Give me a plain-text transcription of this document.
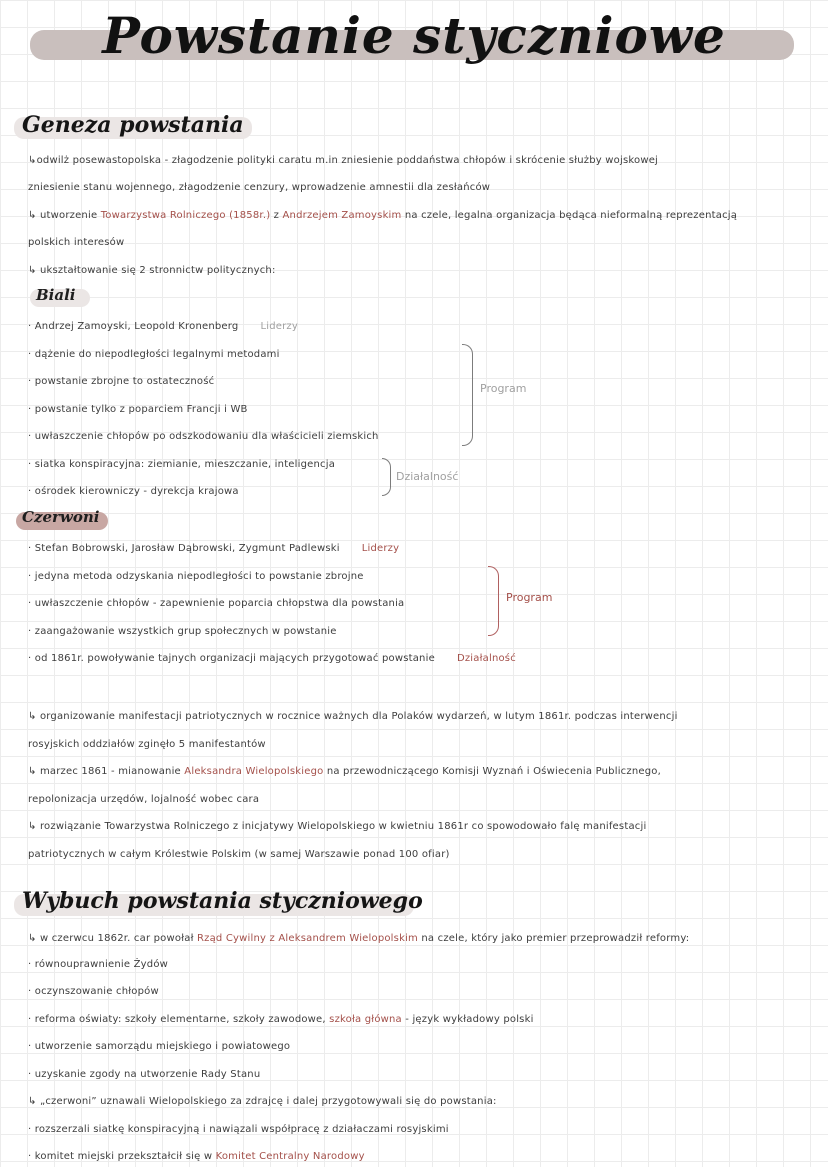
Powstanie styczniowe
Geneza powstania
↳odwilż posewastopolska - złagodzenie polityki caratu m.in zniesienie poddaństwa chłopów i skrócenie służby wojskowej
zniesienie stanu wojennego, złagodzenie cenzury, wprowadzenie amnestii dla zesłańców
↳ utworzenie Towarzystwa Rolniczego (1858r.) z Andrzejem Zamoyskim na czele, legalna organizacja będąca nieformalną reprezentacją
polskich interesów
↳ ukształtowanie się 2 stronnictw politycznych:
Biali
· Andrzej Zamoyski, Leopold Kronenberg Liderzy
· dążenie do niepodległości legalnymi metodami
· powstanie zbrojne to ostateczność
· powstanie tylko z poparciem Francji i WB
· uwłaszczenie chłopów po odszkodowaniu dla właścicieli ziemskich
Program
· siatka konspiracyjna: ziemianie, mieszczanie, inteligencja
· ośrodek kierowniczy - dyrekcja krajowa
Działalność
Czerwoni
· Stefan Bobrowski, Jarosław Dąbrowski, Zygmunt Padlewski Liderzy
· jedyna metoda odzyskania niepodległości to powstanie zbrojne
· uwłaszczenie chłopów - zapewnienie poparcia chłopstwa dla powstania
· zaangażowanie wszystkich grup społecznych w powstanie
Program
· od 1861r. powoływanie tajnych organizacji mających przygotować powstanie Działalność
↳ organizowanie manifestacji patriotycznych w rocznice ważnych dla Polaków wydarzeń, w lutym 1861r. podczas interwencji
rosyjskich oddziałów zginęło 5 manifestantów
↳ marzec 1861 - mianowanie Aleksandra Wielopolskiego na przewodniczącego Komisji Wyznań i Oświecenia Publicznego,
repolonizacja urzędów, lojalność wobec cara
↳ rozwiązanie Towarzystwa Rolniczego z inicjatywy Wielopolskiego w kwietniu 1861r co spowodowało falę manifestacji
patriotycznych w całym Królestwie Polskim (w samej Warszawie ponad 100 ofiar)
Wybuch powstania styczniowego
↳ w czerwcu 1862r. car powołał Rząd Cywilny z Aleksandrem Wielopolskim na czele, który jako premier przeprowadził reformy:
· równouprawnienie Żydów
· oczynszowanie chłopów
· reforma oświaty: szkoły elementarne, szkoły zawodowe, szkoła główna - język wykładowy polski
· utworzenie samorządu miejskiego i powiatowego
· uzyskanie zgody na utworzenie Rady Stanu
↳ „czerwoni” uznawali Wielopolskiego za zdrajcę i dalej przygotowywali się do powstania:
· rozszerzali siatkę konspiracyjną i nawiązali współpracę z działaczami rosyjskimi
· komitet miejski przekształcił się w Komitet Centralny Narodowy
